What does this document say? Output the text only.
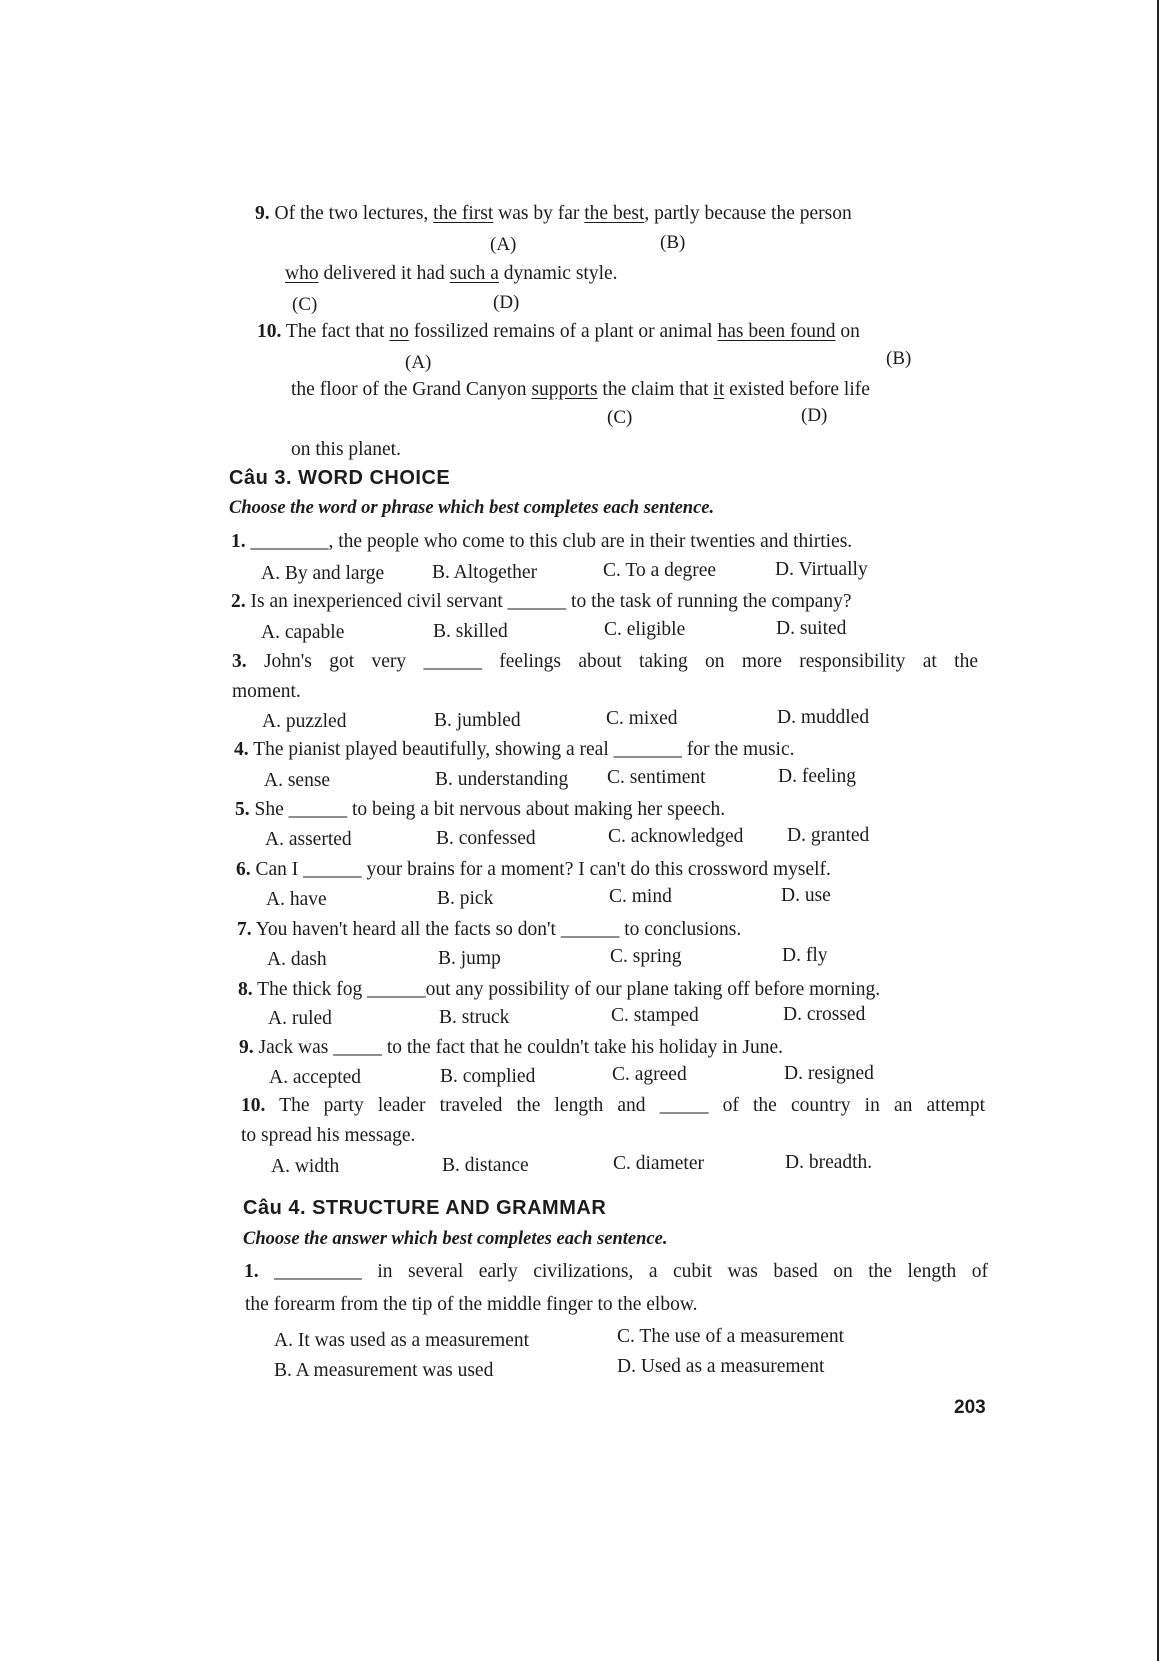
9. Of the two lectures, the first was by far the best, partly because the person
(A)	(B)
who delivered it had such a dynamic style.
(C)	(D)
10. The fact that no fossilized remains of a plant or animal has been found on
(A)	(B)
the floor of the Grand Canyon supports the claim that it existed before life
(C)	(D)
on this planet.
Câu 3. WORD CHOICE
Choose the word or phrase which best completes each sentence.
1. ________, the people who come to this club are in their twenties and thirties.
A. By and large B. Altogether	C. To a degree	D. Virtually
2. Is an inexperienced civil servant ______ to the task of running the company?
A. capable	B. skilled	C. eligible	D. suited
3. John's got very ______ feelings about taking on more responsibility at the
moment.
A. puzzled	B. jumbled	C. mixed	D. muddled
4. The pianist played beautifully, showing a real _______ for the music.
A. sense	B. understanding C. sentiment	D. feeling
5. She ______ to being a bit nervous about making her speech.
A. asserted	B. confessed	C. acknowledged D. granted
6. Can I ______ your brains for a moment? I can't do this crossword myself.
A. have	B. pick	C. mind	D. use
7. You haven't heard all the facts so don't ______ to conclusions.
A. dash	B. jump	C. spring	D. fly
8. The thick fog ______out any possibility of our plane taking off before morning.
A. ruled	B. struck	C. stamped	D. crossed
9. Jack was _____ to the fact that he couldn't take his holiday in June.
A. accepted	B. complied	C. agreed	D. resigned
10. The party leader traveled the length and _____ of the country in an attempt
to spread his message.
A. width	B. distance	C. diameter	D. breadth.
Câu 4. STRUCTURE AND GRAMMAR
Choose the answer which best completes each sentence.
1. _________ in several early civilizations, a cubit was based on the length of
the forearm from the tip of the middle finger to the elbow.
A. It was used as a measurement	C. The use of a measurement
B. A measurement was used	D. Used as a measurement
203
